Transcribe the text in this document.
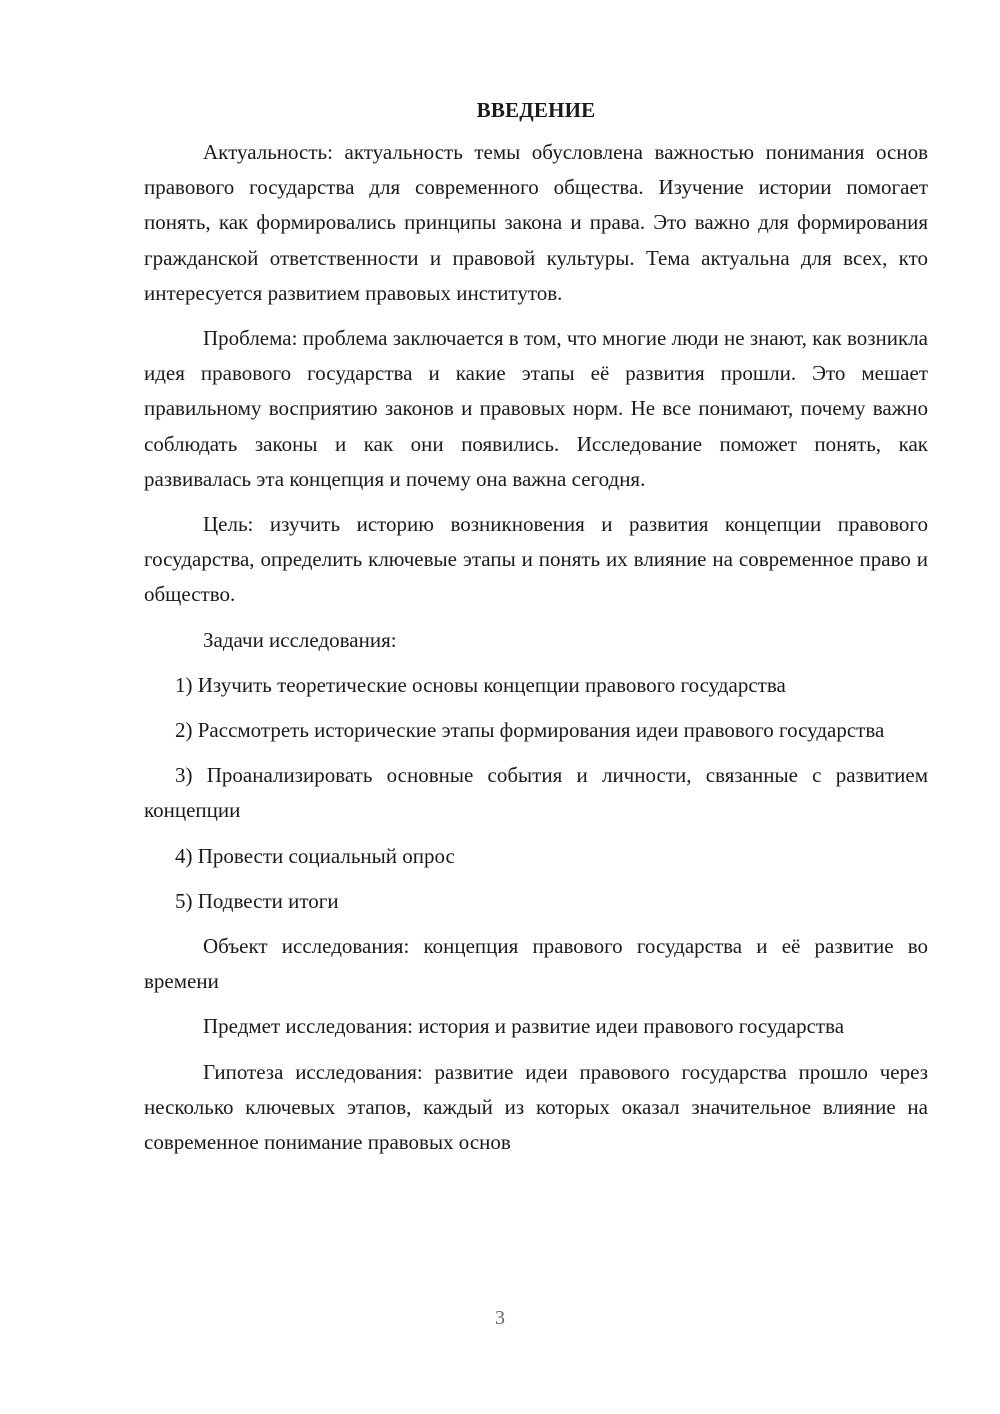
ВВЕДЕНИЕ

Актуальность: актуальность темы обусловлена важностью понимания основ правового государства для современного общества. Изучение истории помогает понять, как формировались принципы закона и права. Это важно для формирования гражданской ответственности и правовой культуры. Тема актуальна для всех, кто интересуется развитием правовых институтов.

Проблема: проблема заключается в том, что многие люди не знают, как возникла идея правового государства и какие этапы её развития прошли. Это мешает правильному восприятию законов и правовых норм. Не все понимают, почему важно соблюдать законы и как они появились. Исследование поможет понять, как развивалась эта концепция и почему она важна сегодня.

Цель: изучить историю возникновения и развития концепции правового государства, определить ключевые этапы и понять их влияние на современное право и общество.

Задачи исследования:

1) Изучить теоретические основы концепции правового государства

2) Рассмотреть исторические этапы формирования идеи правового государства

3) Проанализировать основные события и личности, связанные с развитием концепции

4) Провести социальный опрос

5) Подвести итоги

Объект исследования: концепция правового государства и её развитие во времени

Предмет исследования: история и развитие идеи правового государства

Гипотеза исследования: развитие идеи правового государства прошло через несколько ключевых этапов, каждый из которых оказал значительное влияние на современное понимание правовых основ

3
